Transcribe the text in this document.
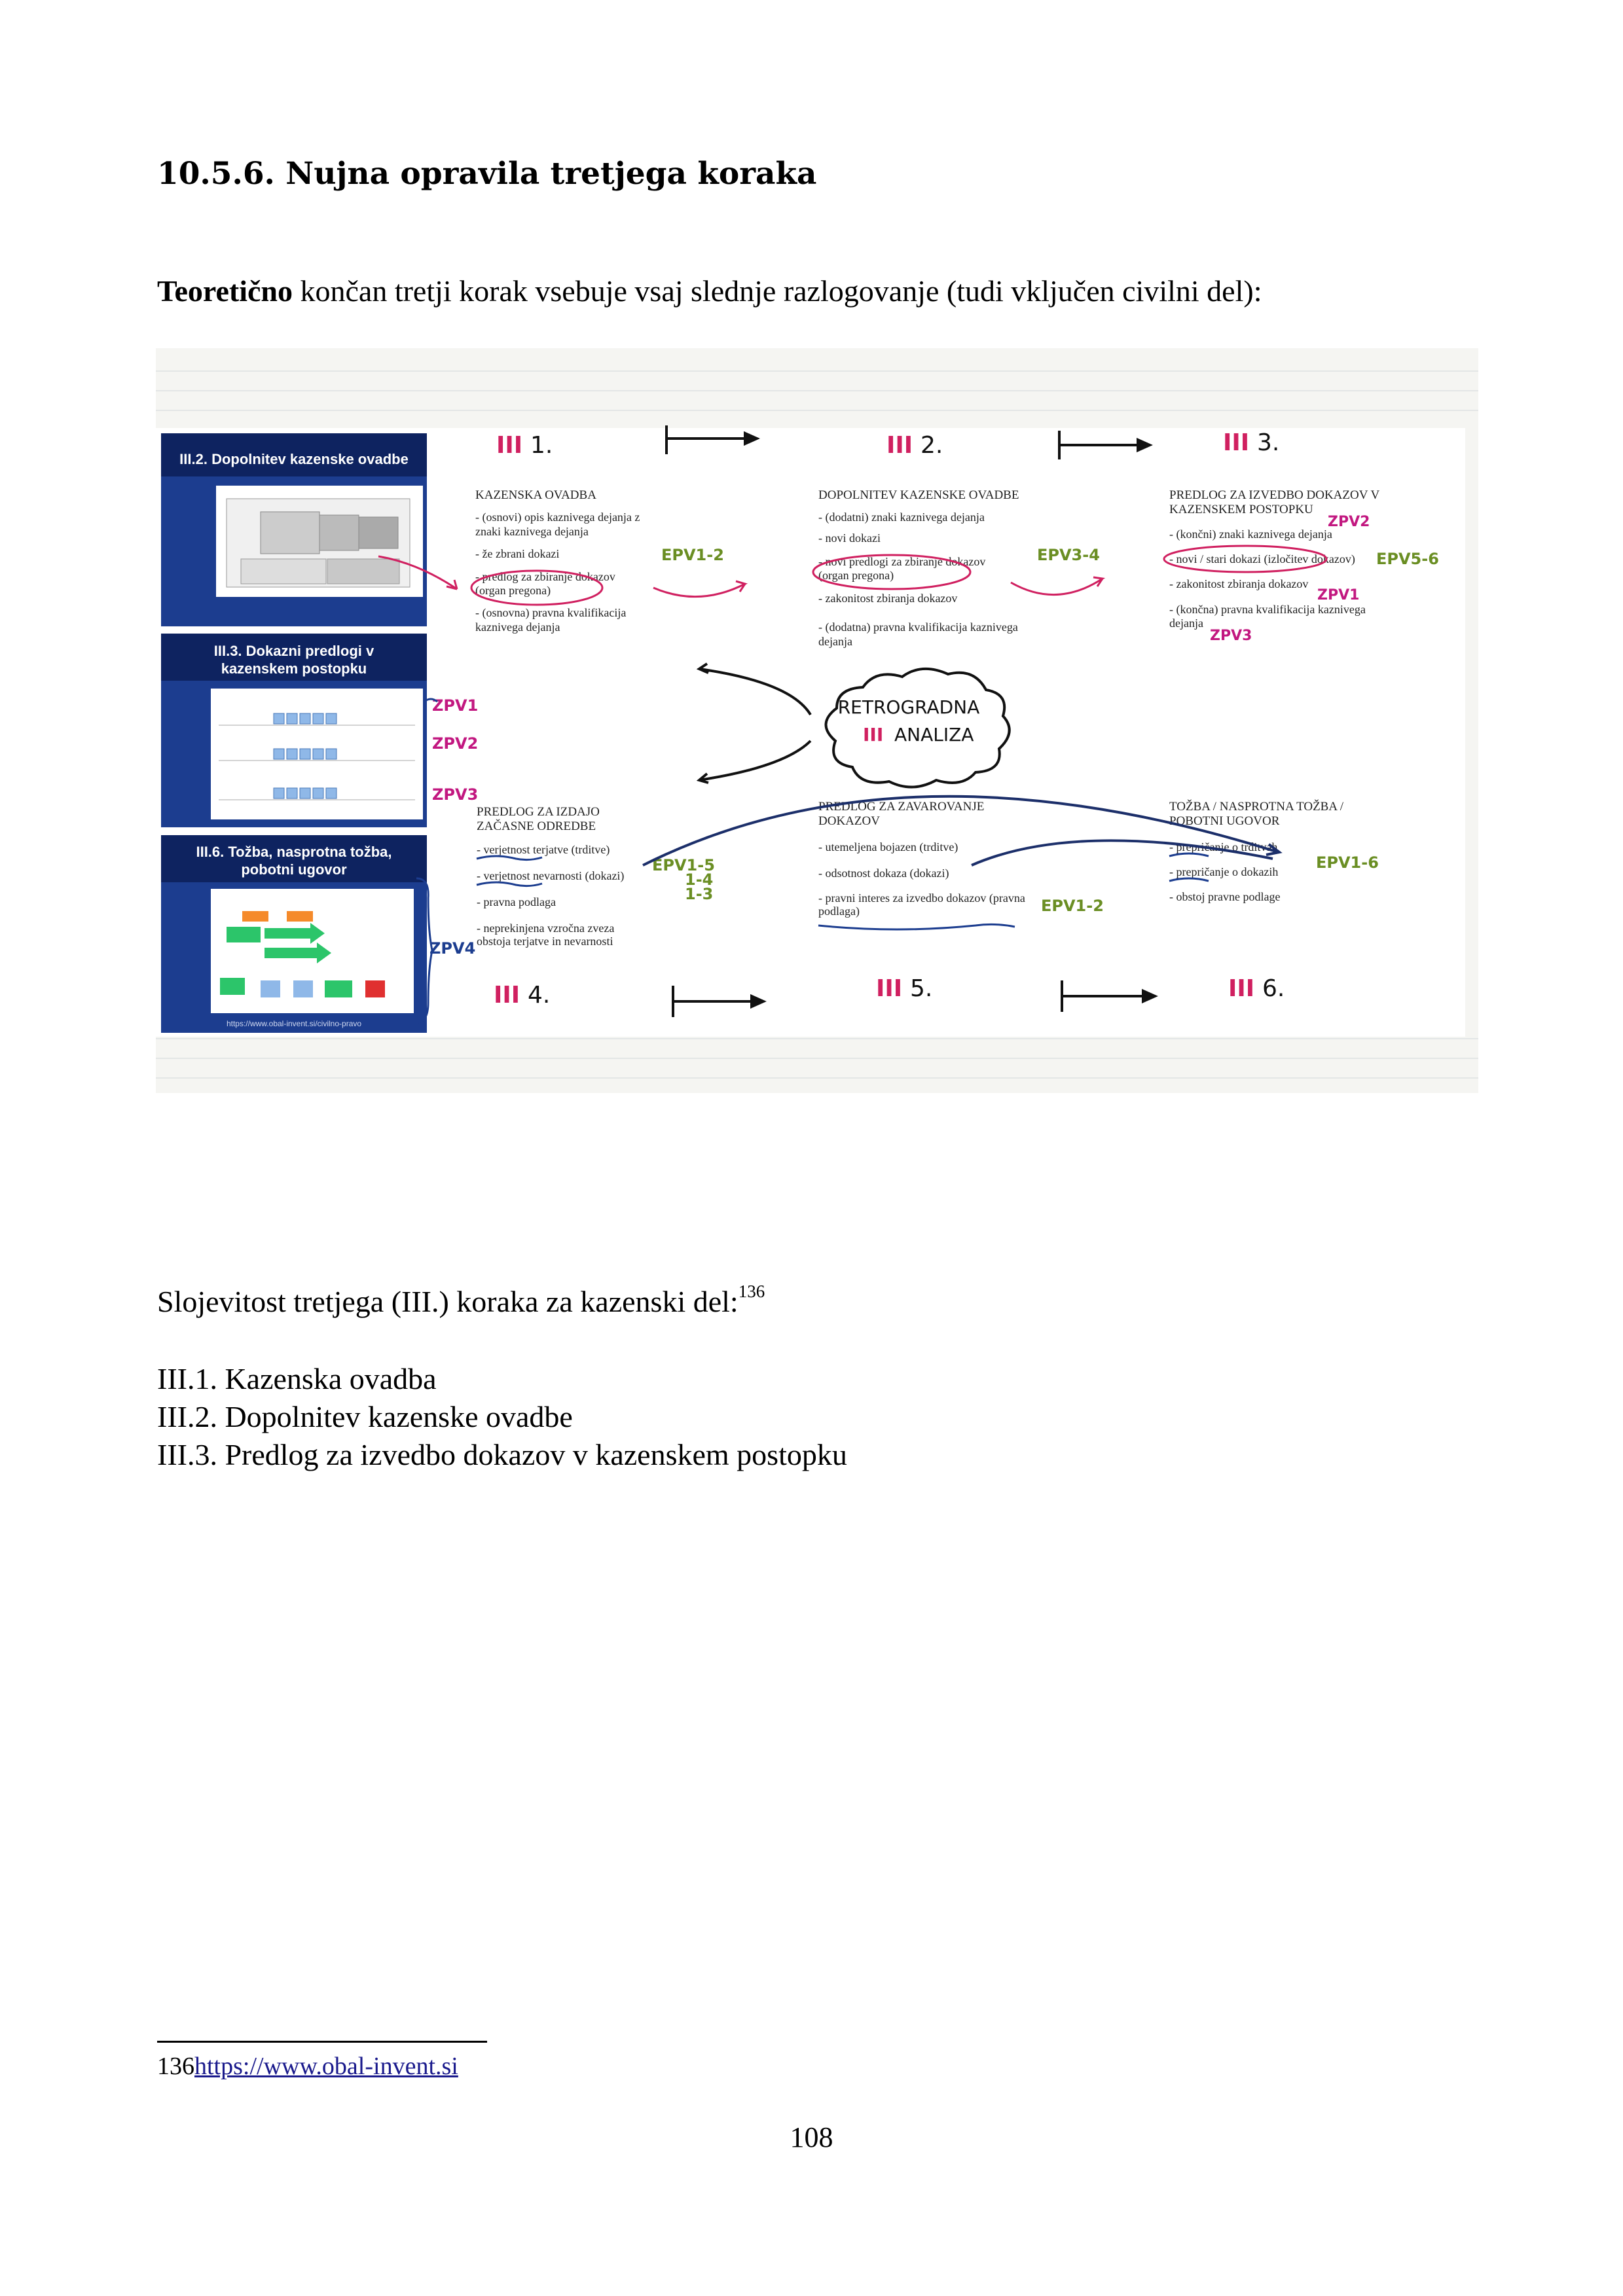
10.5.6. Nujna opravila tretjega koraka

Teoretično končan tretji korak vsebuje vsaj slednje razlogovanje (tudi vključen civilni del):

III.2. Dopolnitev kazenske ovadbe
III.3. Dokazni predlogi v
kazenskem postopku
III.6. Tožba, nasprotna tožba,
pobotni ugovor
https://www.obal-invent.si/civilno-pravo
ZPV1
ZPV2
ZPV3
ZPV4
III 1.	III 2.	III 3.
III 4.	III 5.	III 6.
KAZENSKA OVADBA
- (osnovi) opis kaznivega dejanja z
znaki kaznivega dejanja
- že zbrani dokazi
- predlog za zbiranje dokazov
(organ pregona)
- (osnovna) pravna kvalifikacija
kaznivega dejanja
DOPOLNITEV KAZENSKE OVADBE
- (dodatni) znaki kaznivega dejanja
- novi dokazi
- novi predlogi za zbiranje dokazov
(organ pregona)
- zakonitost zbiranja dokazov
- (dodatna) pravna kvalifikacija kaznivega
dejanja
PREDLOG ZA IZVEDBO DOKAZOV V
KAZENSKEM POSTOPKU
- (končni) znaki kaznivega dejanja
- novi / stari dokazi (izločitev dokazov)
- zakonitost zbiranja dokazov
- (končna) pravna kvalifikacija kaznivega
dejanja
PREDLOG ZA IZDAJO
ZAČASNE ODREDBE
- verjetnost terjatve (trditve)
- verjetnost nevarnosti (dokazi)
- pravna podlaga
- neprekinjena vzročna zveza
obstoja terjatve in nevarnosti
PREDLOG ZA ZAVAROVANJE
DOKAZOV
- utemeljena bojazen (trditve)
- odsotnost dokaza (dokazi)
- pravni interes za izvedbo dokazov (pravna
podlaga)
TOŽBA / NASPROTNA TOŽBA /
POBOTNI UGOVOR
- prepričanje o trditvah
- prepričanje o dokazih
- obstoj pravne podlage
EPV1-2	EPV3-4	EPV5-6
EPV1-5
1-4
1-3
EPV1-2
EPV1-6
ZPV2
ZPV1
ZPV3
RETROGRADNA
III ANALIZA

Slojevitost tretjega (III.) koraka za kazenski del:$^{136}$

III.1. Kazenska ovadba
III.2. Dopolnitev kazenske ovadbe
III.3. Predlog za izvedbo dokazov v kazenskem postopku

136https://www.obal-invent.si

108
